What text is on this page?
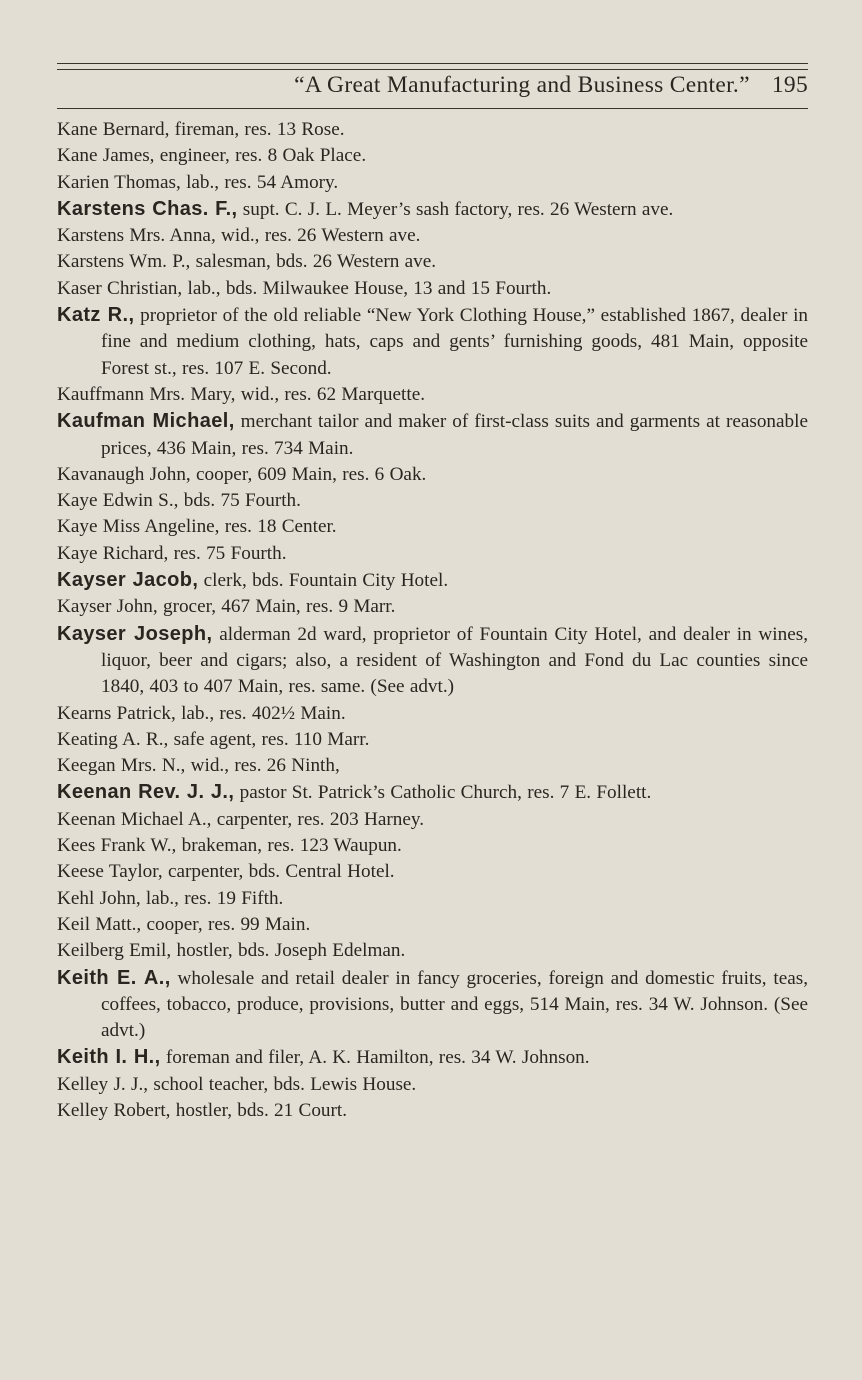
“A Great Manufacturing and Business Center.” 195
Kane Bernard, fireman, res. 13 Rose.
Kane James, engineer, res. 8 Oak Place.
Karien Thomas, lab., res. 54 Amory.
Karstens Chas. F., supt. C. J. L. Meyer’s sash factory, res. 26 Western ave.
Karstens Mrs. Anna, wid., res. 26 Western ave.
Karstens Wm. P., salesman, bds. 26 Western ave.
Kaser Christian, lab., bds. Milwaukee House, 13 and 15 Fourth.
Katz R., proprietor of the old reliable “New York Clothing House,” established 1867, dealer in fine and medium clothing, hats, caps and gents’ furnishing goods, 481 Main, opposite Forest st., res. 107 E. Second.
Kauffmann Mrs. Mary, wid., res. 62 Marquette.
Kaufman Michael, merchant tailor and maker of first-class suits and garments at reasonable prices, 436 Main, res. 734 Main.
Kavanaugh John, cooper, 609 Main, res. 6 Oak.
Kaye Edwin S., bds. 75 Fourth.
Kaye Miss Angeline, res. 18 Center.
Kaye Richard, res. 75 Fourth.
Kayser Jacob, clerk, bds. Fountain City Hotel.
Kayser John, grocer, 467 Main, res. 9 Marr.
Kayser Joseph, alderman 2d ward, proprietor of Fountain City Hotel, and dealer in wines, liquor, beer and cigars; also, a resident of Washington and Fond du Lac counties since 1840, 403 to 407 Main, res. same. (See advt.)
Kearns Patrick, lab., res. 402½ Main.
Keating A. R., safe agent, res. 110 Marr.
Keegan Mrs. N., wid., res. 26 Ninth,
Keenan Rev. J. J., pastor St. Patrick’s Catholic Church, res. 7 E. Follett.
Keenan Michael A., carpenter, res. 203 Harney.
Kees Frank W., brakeman, res. 123 Waupun.
Keese Taylor, carpenter, bds. Central Hotel.
Kehl John, lab., res. 19 Fifth.
Keil Matt., cooper, res. 99 Main.
Keilberg Emil, hostler, bds. Joseph Edelman.
Keith E. A., wholesale and retail dealer in fancy groceries, foreign and domestic fruits, teas, coffees, tobacco, produce, provisions, butter and eggs, 514 Main, res. 34 W. Johnson. (See advt.)
Keith I. H., foreman and filer, A. K. Hamilton, res. 34 W. Johnson.
Kelley J. J., school teacher, bds. Lewis House.
Kelley Robert, hostler, bds. 21 Court.
